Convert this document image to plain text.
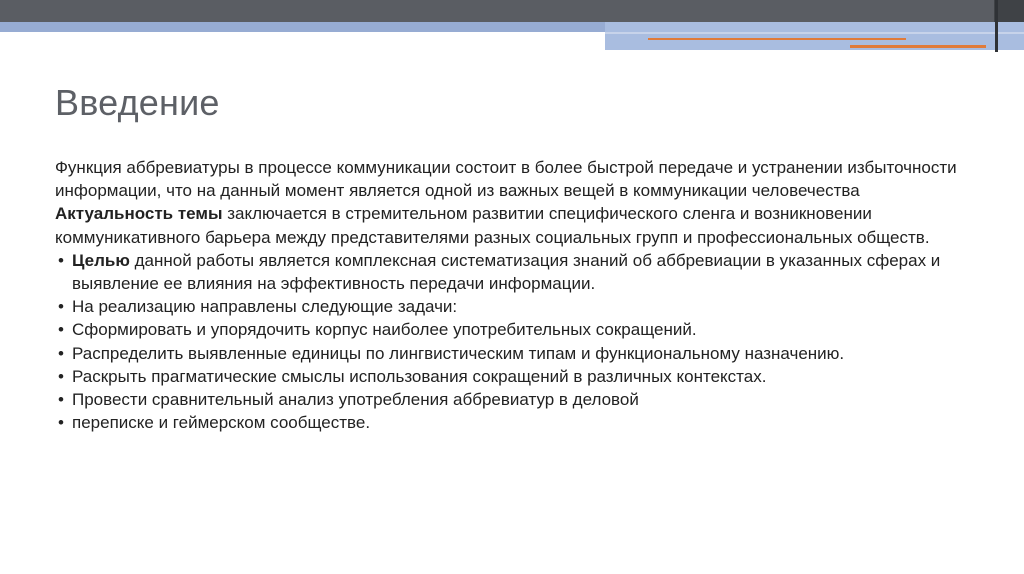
Введение

Функция аббревиатуры в процессе коммуникации состоит в более быстрой передаче и устранении избыточности информации, что на данный момент является одной из важных вещей в коммуникации человечества

Актуальность темы заключается в стремительном развитии специфического сленга и возникновении коммуникативного барьера между представителями разных социальных групп и профессиональных обществ.

• Целью данной работы является комплексная систематизация знаний об аббревиации в указанных сферах и выявление ее влияния на эффективность передачи информации.
• На реализацию направлены следующие задачи:
• Сформировать и упорядочить корпус наиболее употребительных сокращений.
• Распределить выявленные единицы по лингвистическим типам и функциональному назначению.
• Раскрыть прагматические смыслы использования сокращений в различных контекстах.
• Провести сравнительный анализ употребления аббревиатур в деловой
• переписке и геймерском сообществе.
